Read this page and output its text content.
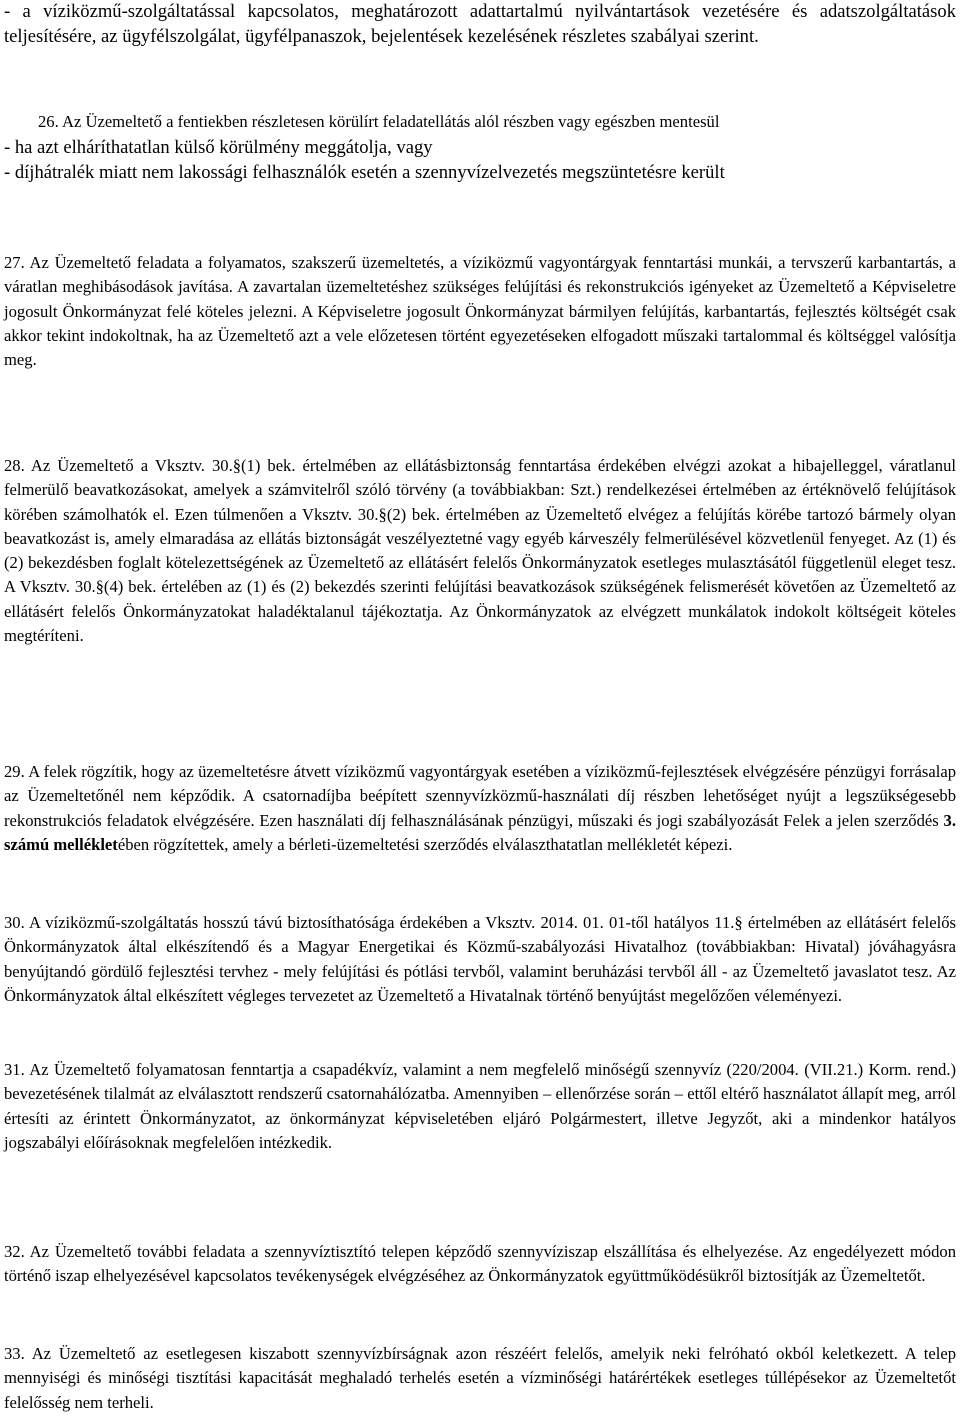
- a víziközmű-szolgáltatással kapcsolatos, meghatározott adattartalmú nyilvántartások vezetésére és adatszolgáltatások teljesítésére, az ügyfélszolgálat, ügyfélpanaszok, bejelentések kezelésének részletes szabályai szerint.

26. Az Üzemeltető a fentiekben részletesen körülírt feladatellátás alól részben vagy egészben mentesül

- ha azt elháríthatatlan külső körülmény meggátolja, vagy

- díjhátralék miatt nem lakossági felhasználók esetén a szennyvízelvezetés megszüntetésre került

27. Az Üzemeltető feladata a folyamatos, szakszerű üzemeltetés, a víziközmű vagyontárgyak fenntartási munkái, a tervszerű karbantartás, a váratlan meghibásodások javítása. A zavartalan üzemeltetéshez szükséges felújítási és rekonstrukciós igényeket az Üzemeltető a Képviseletre jogosult Önkormányzat felé köteles jelezni. A Képviseletre jogosult Önkormányzat bármilyen felújítás, karbantartás, fejlesztés költségét csak akkor tekint indokoltnak, ha az Üzemeltető azt a vele előzetesen történt egyezetéseken elfogadott műszaki tartalommal és költséggel valósítja meg.

28. Az Üzemeltető a Vksztv. 30.§(1) bek. értelmében az ellátásbiztonság fenntartása érdekében elvégzi azokat a hibajelleggel, váratlanul felmerülő beavatkozásokat, amelyek a számvitelről szóló törvény (a továbbiakban: Szt.) rendelkezései értelmében az értéknövelő felújítások körében számolhatók el. Ezen túlmenően a Vksztv. 30.§(2) bek. értelmében az Üzemeltető elvégez a felújítás körébe tartozó bármely olyan beavatkozást is, amely elmaradása az ellátás biztonságát veszélyeztetné vagy egyéb kárveszély felmerülésével közvetlenül fenyeget. Az (1) és (2) bekezdésben foglalt kötelezettségének az Üzemeltető az ellátásért felelős Önkormányzatok esetleges mulasztásától függetlenül eleget tesz. A Vksztv. 30.§(4) bek. értelében az (1) és (2) bekezdés szerinti felújítási beavatkozások szükségének felismerését követően az Üzemeltető az ellátásért felelős Önkormányzatokat haladéktalanul tájékoztatja. Az Önkormányzatok az elvégzett munkálatok indokolt költségeit köteles megtéríteni.

29. A felek rögzítik, hogy az üzemeltetésre átvett víziközmű vagyontárgyak esetében a víziközmű-fejlesztések elvégzésére pénzügyi forrásalap az Üzemeltetőnél nem képződik. A csatornadíjba beépített szennyvízközmű-használati díj részben lehetőséget nyújt a legszükségesebb rekonstrukciós feladatok elvégzésére. Ezen használati díj felhasználásának pénzügyi, műszaki és jogi szabályozását Felek a jelen szerződés 3. számú mellékletében rögzítettek, amely a bérleti-üzemeltetési szerződés elválaszthatatlan mellékletét képezi.

30. A víziközmű-szolgáltatás hosszú távú biztosíthatósága érdekében a Vksztv. 2014. 01. 01-től hatályos 11.§ értelmében az ellátásért felelős Önkormányzatok által elkészítendő és a Magyar Energetikai és Közmű-szabályozási Hivatalhoz (továbbiakban: Hivatal) jóváhagyásra benyújtandó gördülő fejlesztési tervhez - mely felújítási és pótlási tervből, valamint beruházási tervből áll - az Üzemeltető javaslatot tesz. Az Önkormányzatok által elkészített végleges tervezetet az Üzemeltető a Hivatalnak történő benyújtást megelőzően véleményezi.

31. Az Üzemeltető folyamatosan fenntartja a csapadékvíz, valamint a nem megfelelő minőségű szennyvíz (220/2004. (VII.21.) Korm. rend.) bevezetésének tilalmát az elválasztott rendszerű csatornahálózatba. Amennyiben – ellenőrzése során – ettől eltérő használatot állapít meg, arról értesíti az érintett Önkormányzatot, az önkormányzat képviseletében eljáró Polgármestert, illetve Jegyzőt, aki a mindenkor hatályos jogszabályi előírásoknak megfelelően intézkedik.

32. Az Üzemeltető további feladata a szennyvíztisztító telepen képződő szennyvíziszap elszállítása és elhelyezése. Az engedélyezett módon történő iszap elhelyezésével kapcsolatos tevékenységek elvégzéséhez az Önkormányzatok együttműködésükről biztosítják az Üzemeltetőt.

33. Az Üzemeltető az esetlegesen kiszabott szennyvízbírságnak azon részéért felelős, amelyik neki felróható okból keletkezett. A telep mennyiségi és minőségi tisztítási kapacitását meghaladó terhelés esetén a vízminőségi határértékek esetleges túllépésekor az Üzemeltetőt felelősség nem terheli.
